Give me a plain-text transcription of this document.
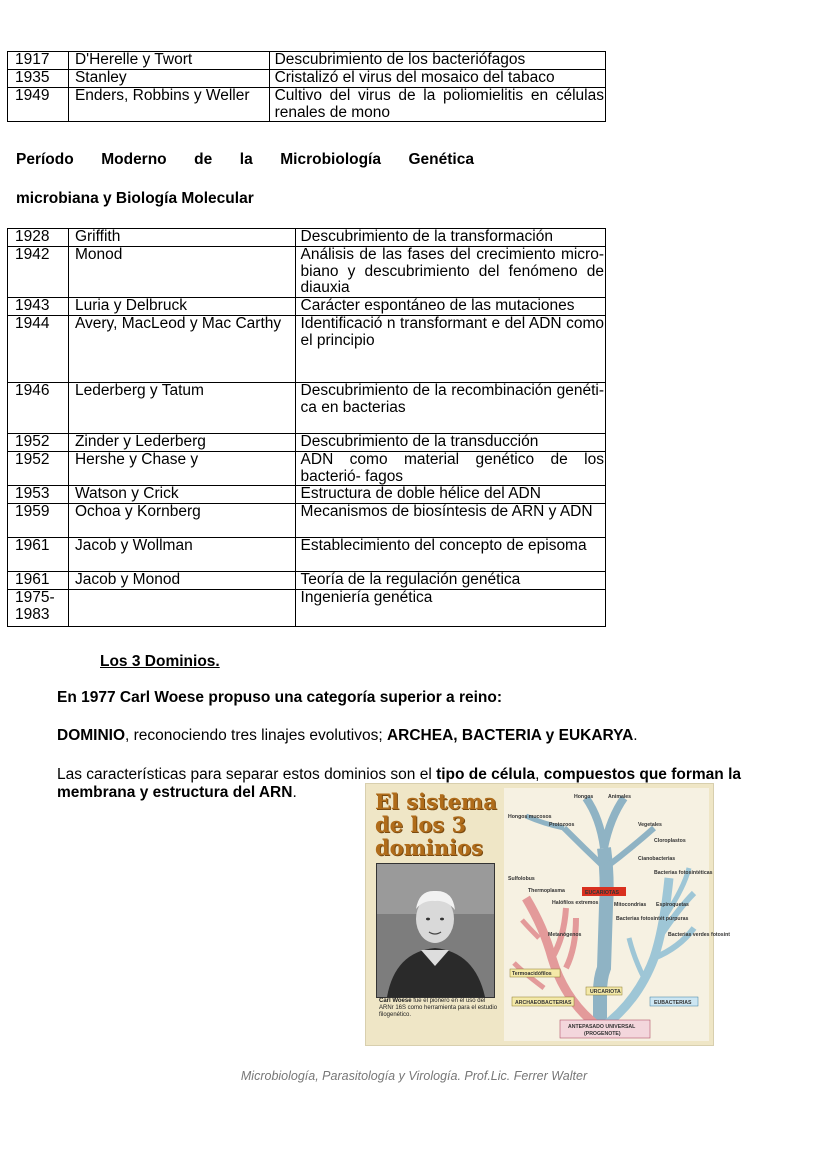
1917	D'Herelle y Twort	Descubrimiento de los bacteriófagos
1935	Stanley	Cristalizó el virus del mosaico del tabaco
1949	Enders, Robbins y Weller	Cultivo del virus de la poliomielitis en células renales de mono
Período Moderno de la Microbiología Genética
microbiana y Biología Molecular
1928	Griffith	Descubrimiento de la transformación
1942	Monod	Análisis de las fases del crecimiento micro- biano y descubrimiento del fenómeno de diauxia
1943	Luria y Delbruck	Carácter espontáneo de las mutaciones
1944	Avery, MacLeod y Mac Carthy	Identificació n transformant e del ADN como el principio
1946	Lederberg y Tatum	Descubrimiento de la recombinación genéti- ca en bacterias
1952	Zinder y Lederberg	Descubrimiento de la transducción
1952	Hershe y Chase y	ADN como material genético de los bacterió- fagos
1953	Watson y Crick	Estructura de doble hélice del ADN
1959	Ochoa y Kornberg	Mecanismos de biosíntesis de ARN y ADN
1961	Jacob y Wollman	Establecimiento del concepto de episoma
1961	Jacob y Monod	Teoría de la regulación genética
1975-1983		Ingeniería genética
Los 3 Dominios.
En 1977 Carl Woese propuso una categoría superior a reino:
DOMINIO, reconociendo tres linajes evolutivos; ARCHEA, BACTERIA y EUKARYA.
Las características para separar estos dominios son el tipo de célula, compuestos que forman la membrana y estructura del ARN.	El sistema
de los 3
dominios
Carl Woese fue el pionero en el uso del ARNr 16S como herramienta para el estudio filogenético.
Hongos	Animales
Hongos mucosos
Protozoos	Vegetales
Cloroplastos
Cianobacterias
Sulfolobus
Bacterias fotosintéticas
Thermoplasma	EUCARIOTAS
Halófilos extremos	Mitocondrias Espiroquetas
Bacterias fotosintét púrpuras
Metanógenos	Bacterias verdes fotosint
Termoacidófilos
URCARIOTA
ARCHAEOBACTERIAS	EUBACTERIAS
ANTEPASADO UNIVERSAL
(PROGENOTE)
Microbiología, Parasitología y Virología. Prof.Lic. Ferrer Walter
